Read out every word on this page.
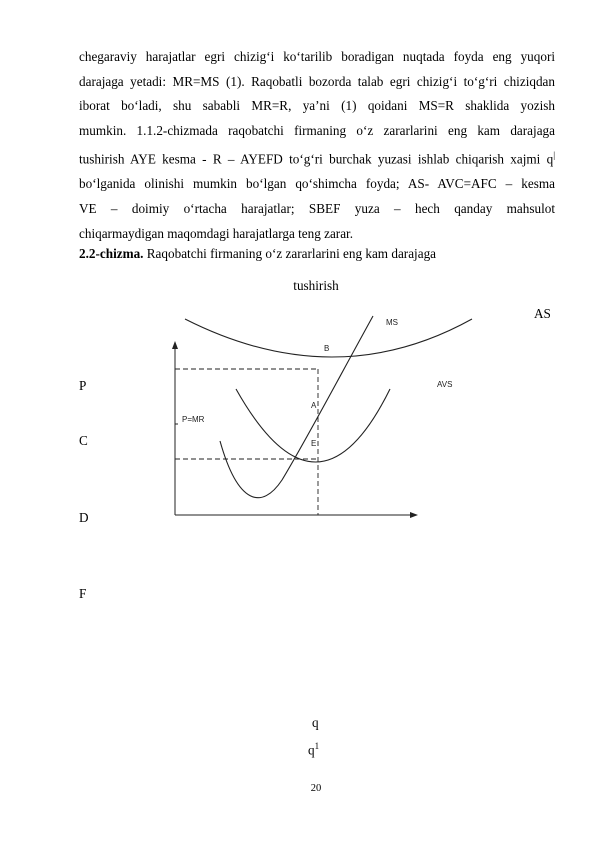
chegaraviy harajatlar egri chizig‘i ko‘tarilib boradigan nuqtada foyda eng yuqori
darajaga yetadi: MR=MS (1). Raqobatli bozorda talab egri chizig‘i to‘g‘ri chiziqdan
iborat bo‘ladi, shu sababli MR=R, ya’ni (1) qoidani MS=R shaklida yozish
mumkin. 1.1.2-chizmada raqobatchi firmaning o‘z zararlarini eng kam darajaga
tushirish AYE kesma - R – AYEFD to‘g‘ri burchak yuzasi ishlab chiqarish xajmi q|
bo‘lganida olinishi mumkin bo‘lgan qo‘shimcha foyda; AS- AVC=AFC – kesma
VE – doimiy o‘rtacha harajatlar; SBEF yuza – hech qanday mahsulot
chiqarmaydigan maqomdagi harajatlarga teng zarar.
2.2-chizma. Raqobatchi firmaning o‘z zararlarini eng kam darajaga
tushirish
AS
P
C
D
F
q
$q^1$
MS
B
AVS
A
P=MR
E
20
